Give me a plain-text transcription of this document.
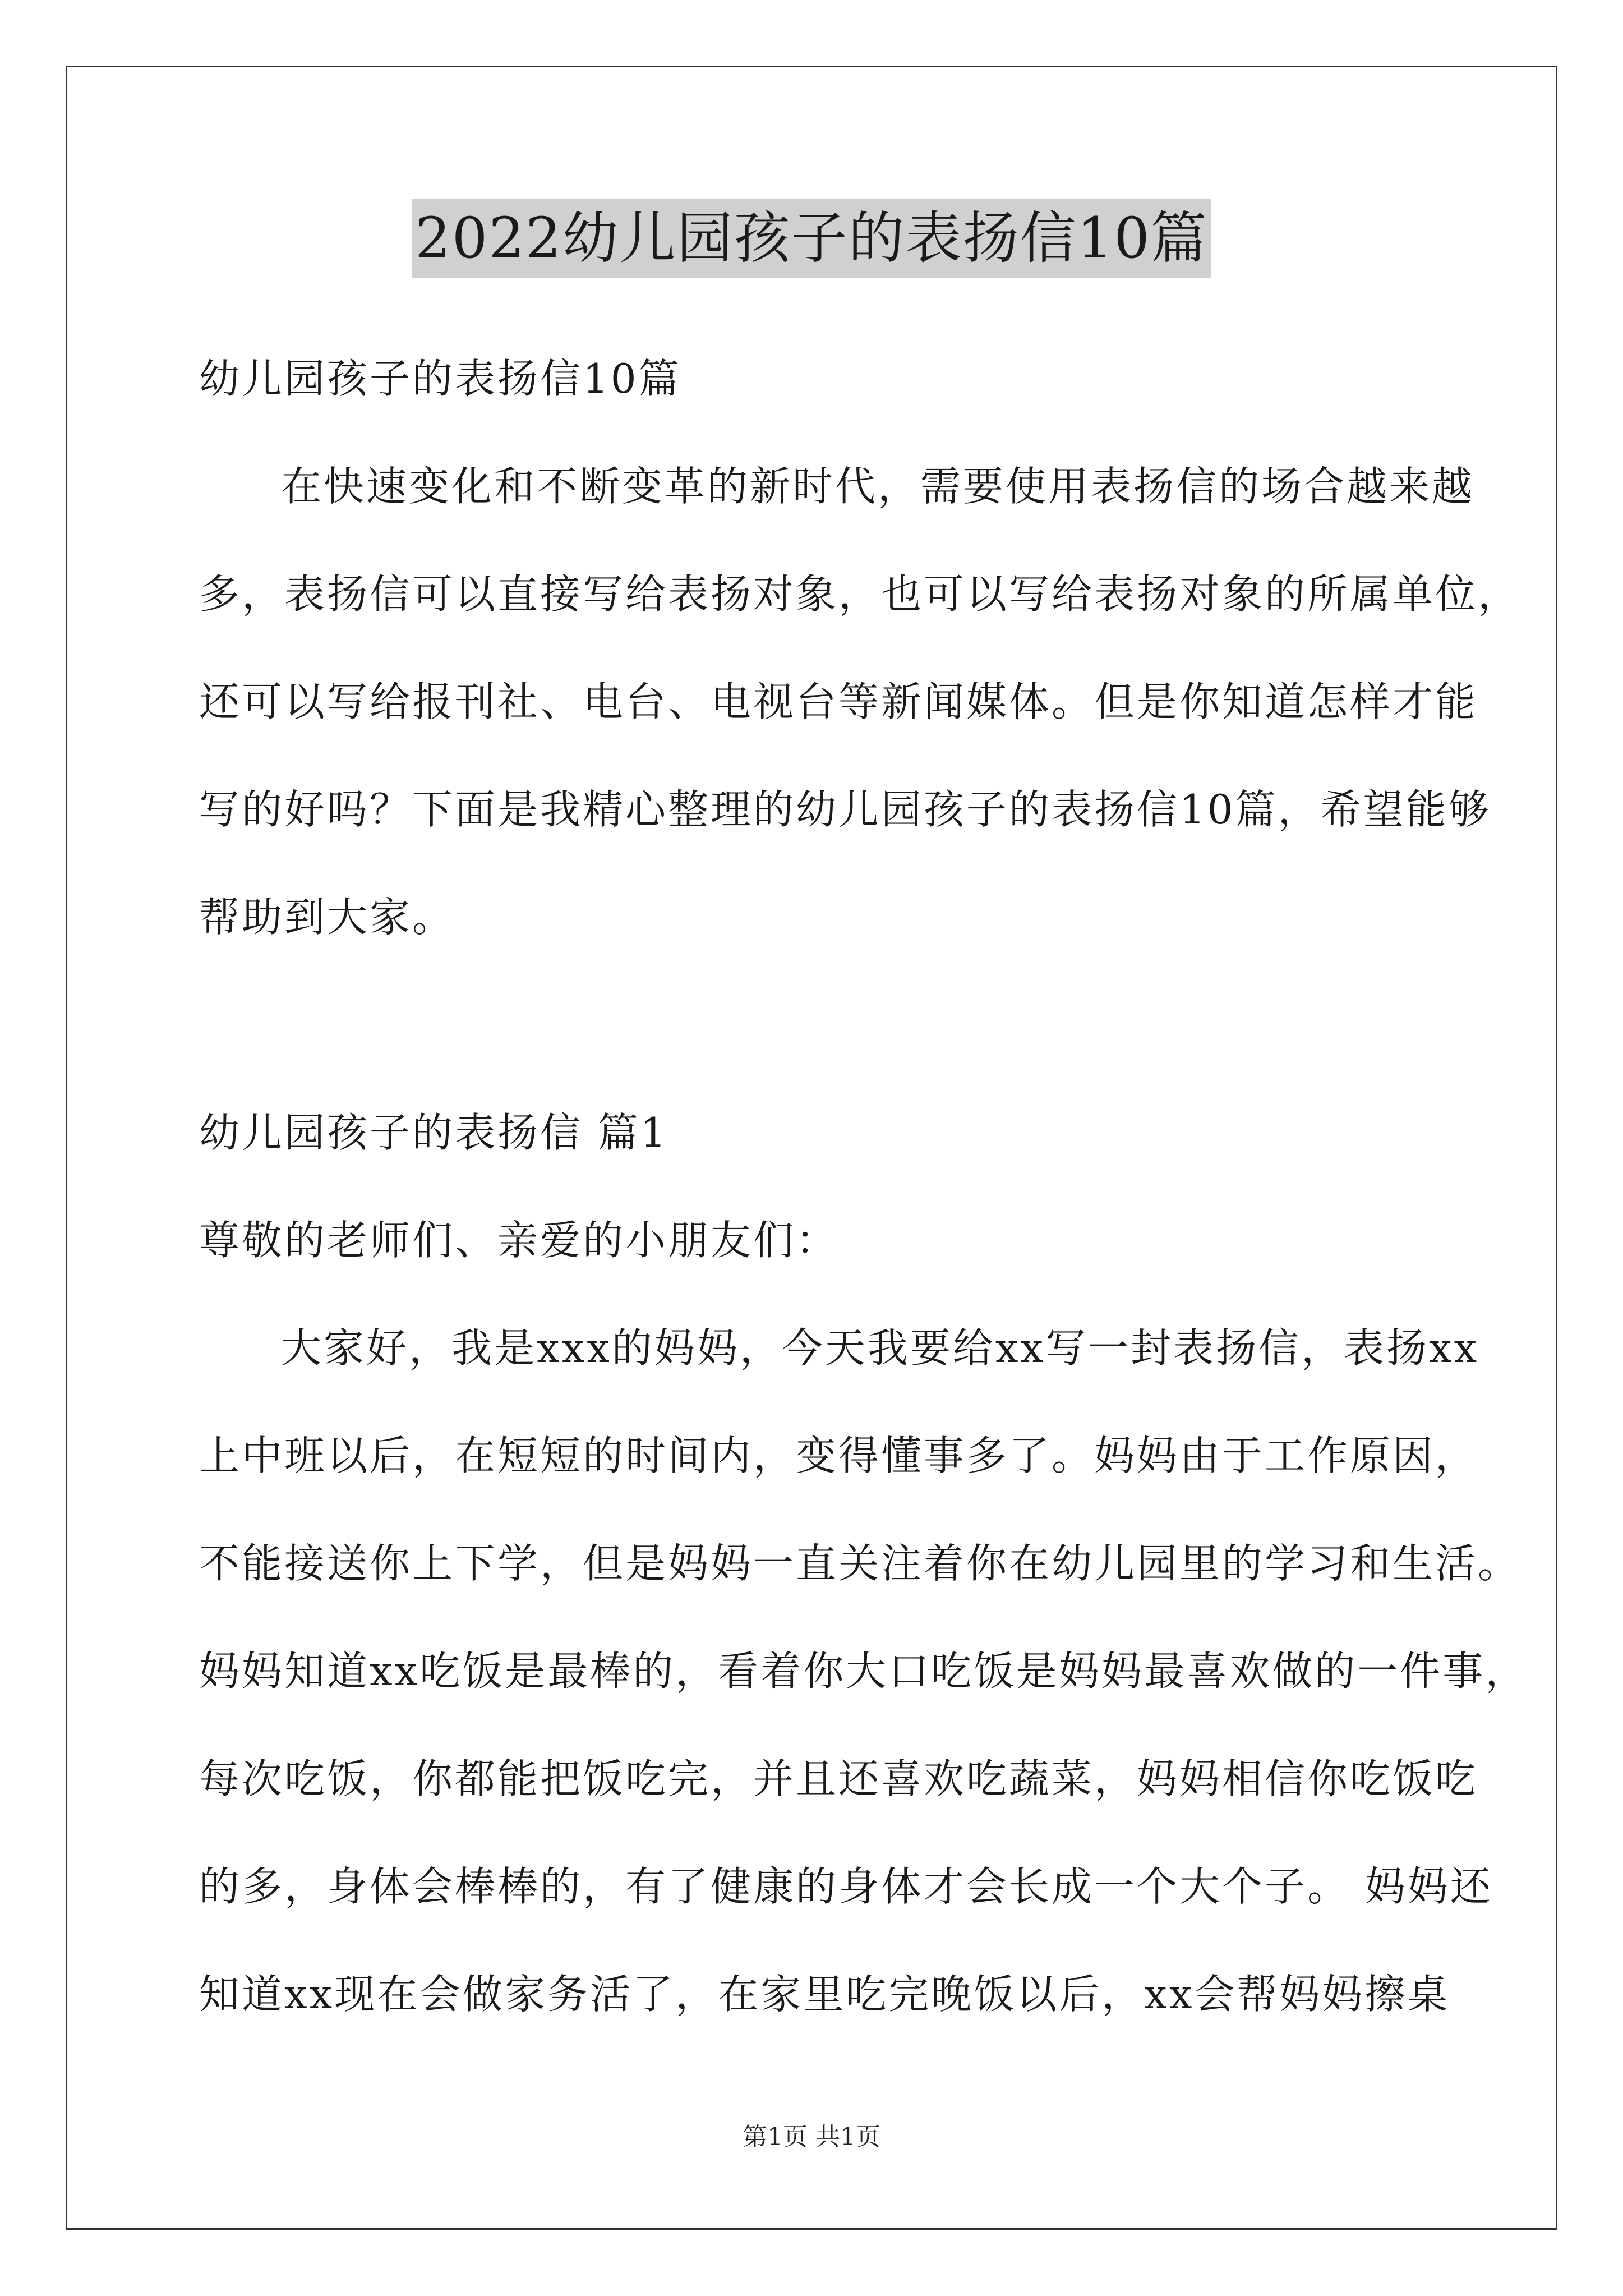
2022幼儿园孩子的表扬信10篇
幼儿园孩子的表扬信10篇
在快速变化和不断变革的新时代，需要使用表扬信的场合越来越
多，表扬信可以直接写给表扬对象，也可以写给表扬对象的所属单位，
还可以写给报刊社、电台、电视台等新闻媒体。但是你知道怎样才能
写的好吗？下面是我精心整理的幼儿园孩子的表扬信10篇，希望能够
帮助到大家。
幼儿园孩子的表扬信 篇1
尊敬的老师们、亲爱的小朋友们：
大家好，我是xxx的妈妈，今天我要给xx写一封表扬信，表扬xx
上中班以后，在短短的时间内，变得懂事多了。妈妈由于工作原因，
不能接送你上下学，但是妈妈一直关注着你在幼儿园里的学习和生活。
妈妈知道xx吃饭是最棒的，看着你大口吃饭是妈妈最喜欢做的一件事，
每次吃饭，你都能把饭吃完，并且还喜欢吃蔬菜，妈妈相信你吃饭吃
的多，身体会棒棒的，有了健康的身体才会长成一个大个子。 妈妈还
知道xx现在会做家务活了，在家里吃完晚饭以后，xx会帮妈妈擦桌
第1页 共1页
